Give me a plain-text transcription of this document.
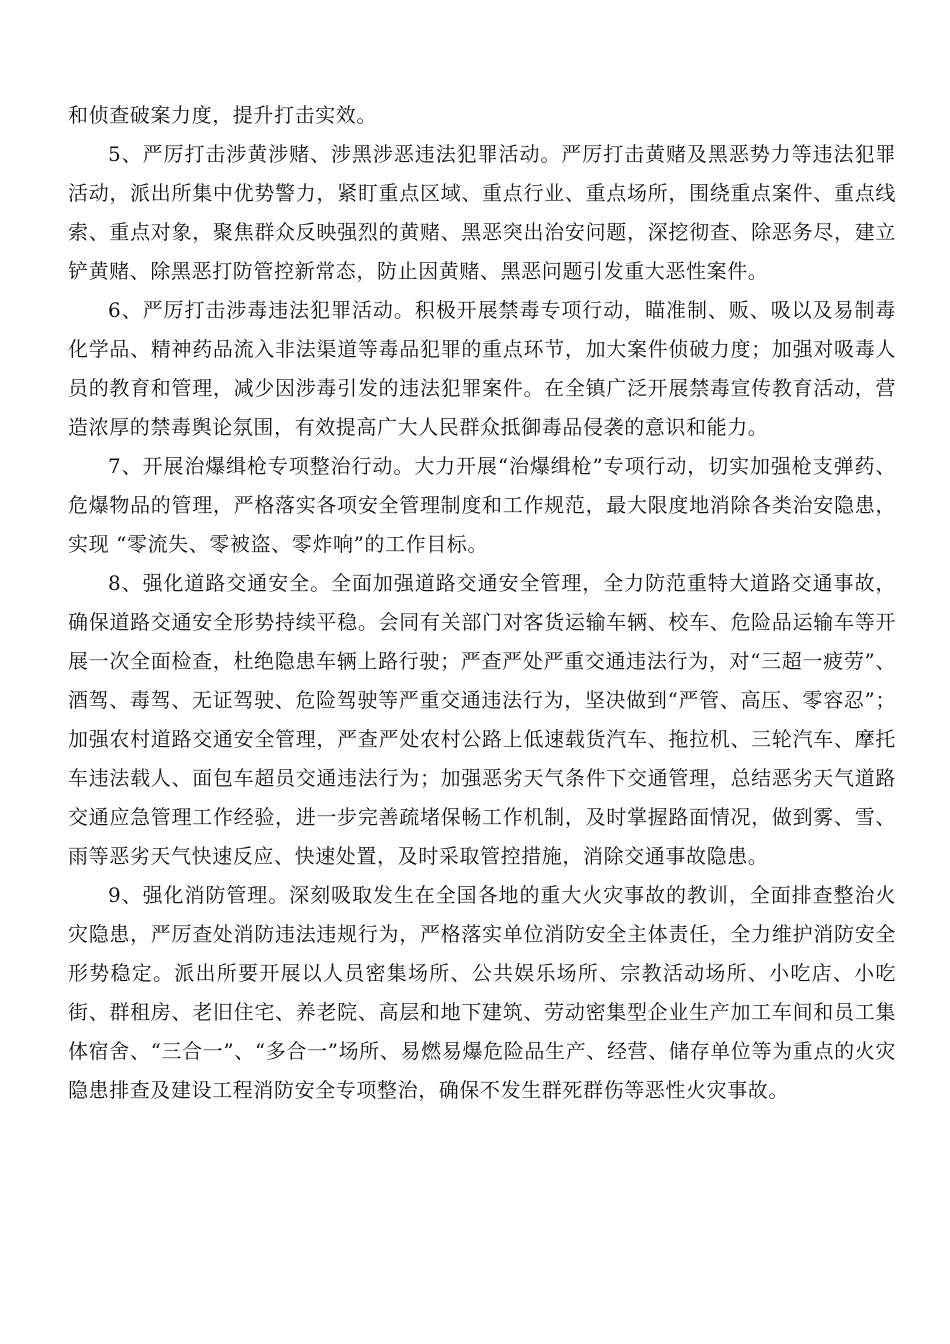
和侦查破案力度，提升打击实效。

5、严厉打击涉黄涉赌、涉黑涉恶违法犯罪活动。严厉打击黄赌及黑恶势力等违法犯罪活动，派出所集中优势警力，紧盯重点区域、重点行业、重点场所，围绕重点案件、重点线索、重点对象，聚焦群众反映强烈的黄赌、黑恶突出治安问题，深挖彻查、除恶务尽，建立铲黄赌、除黑恶打防管控新常态，防止因黄赌、黑恶问题引发重大恶性案件。

6、严厉打击涉毒违法犯罪活动。积极开展禁毒专项行动，瞄准制、贩、吸以及易制毒化学品、精神药品流入非法渠道等毒品犯罪的重点环节，加大案件侦破力度；加强对吸毒人员的教育和管理，减少因涉毒引发的违法犯罪案件。在全镇广泛开展禁毒宣传教育活动，营造浓厚的禁毒舆论氛围，有效提高广大人民群众抵御毒品侵袭的意识和能力。

7、开展治爆缉枪专项整治行动。大力开展“治爆缉枪”专项行动，切实加强枪支弹药、危爆物品的管理，严格落实各项安全管理制度和工作规范，最大限度地消除各类治安隐患，实现 “零流失、零被盗、零炸响”的工作目标。

8、强化道路交通安全。全面加强道路交通安全管理，全力防范重特大道路交通事故，确保道路交通安全形势持续平稳。会同有关部门对客货运输车辆、校车、危险品运输车等开展一次全面检查，杜绝隐患车辆上路行驶；严查严处严重交通违法行为，对“三超一疲劳”、酒驾、毒驾、无证驾驶、危险驾驶等严重交通违法行为，坚决做到“严管、高压、零容忍”；加强农村道路交通安全管理，严查严处农村公路上低速载货汽车、拖拉机、三轮汽车、摩托车违法载人、面包车超员交通违法行为；加强恶劣天气条件下交通管理，总结恶劣天气道路交通应急管理工作经验，进一步完善疏堵保畅工作机制，及时掌握路面情况，做到雾、雪、雨等恶劣天气快速反应、快速处置，及时采取管控措施，消除交通事故隐患。

9、强化消防管理。深刻吸取发生在全国各地的重大火灾事故的教训，全面排查整治火灾隐患，严厉查处消防违法违规行为，严格落实单位消防安全主体责任，全力维护消防安全形势稳定。派出所要开展以人员密集场所、公共娱乐场所、宗教活动场所、小吃店、小吃街、群租房、老旧住宅、养老院、高层和地下建筑、劳动密集型企业生产加工车间和员工集体宿舍、“三合一”、“多合一”场所、易燃易爆危险品生产、经营、储存单位等为重点的火灾隐患排查及建设工程消防安全专项整治，确保不发生群死群伤等恶性火灾事故。
